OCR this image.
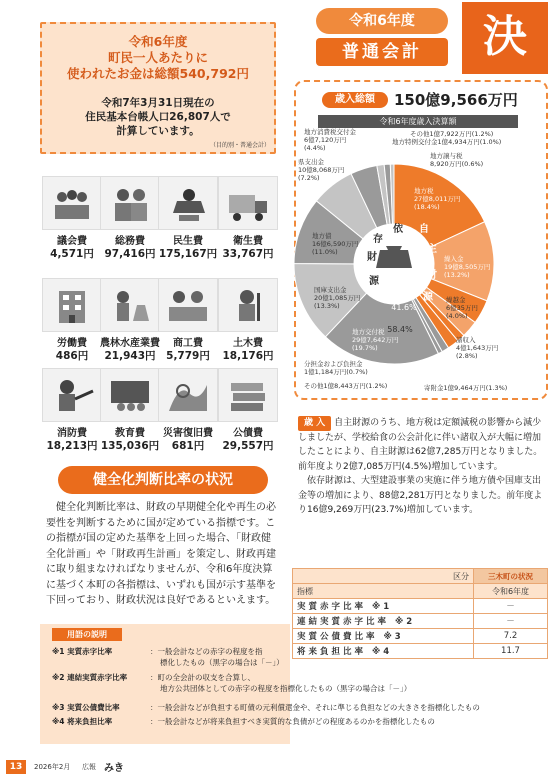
令和6年度
町民一人あたりに
使われたお金は総額540,792円
令和7年3月31日現在の
住民基本台帳人口26,807人で
計算しています。
（目的別・普通会計）
議会費
4,571円
総務費
97,416円
民生費
175,167円
衛生費
33,767円
労働費
486円
農林水産業費
21,943円
商工費
5,779円
土木費
18,176円
消防費
18,213円
教育費
135,036円
災害復旧費
681円
公債費
29,557円
令和6年度
普通会計	決
歳入総額	150億9,566万円
令和6年度歳入決算額
自
主
財
源
依
存
財
源
41.6%
58.4%
地方税
27億8,011万円
(18.4%)
繰入金
19億8,505万円
(13.2%)
繰越金
6億35万円
(4.0%)
諸収入
4億1,643万円
(2.8%)
寄附金1億9,464万円(1.3%)
その他1億8,443万円(1.2%)
分担金および負担金
1億1,184万円(0.7%)
地方交付税
29億7,642万円
(19.7%)
国庫支出金
20億1,085万円
(13.3%)
地方債
16億6,590万円
(11.0%)
県支出金
10億8,068万円
(7.2%)
地方消費税交付金
6億7,120万円
(4.4%)
その他1億7,922万円(1.2%)
地方特例交付金1億4,934万円(1.0%)
地方譲与税
8,920万円(0.6%)

歳 入 自主財源のうち、地方税は定額減税の影響から減少しましたが、学校給食の公会計化に伴い諸収入が大幅に増加したことにより、自主財源は62億7,285万円となりました。前年度より2億7,085万円(4.5%)増加しています。

依存財源は、大型建設事業の実施に伴う地方債や国庫支出金等の増加により、88億2,281万円となりました。前年度より16億9,269万円(23.7%)増加しています。

健全化判断比率の状況
健全化判断比率は、財政の早期健全化や再生の必要性を判断するために国が定めている指標です。この指標が国の定めた基準を上回った場合、「財政健全化計画」や「財政再生計画」を策定し、財政再建に取り組まなければなりませんが、令和6年度決算に基づく本町の各指標は、いずれも国が示す基準を下回っており、財政状況は良好であるといえます。
用語の説明
※1 実質赤字比率	：一般会計などの赤字の程度を指
標化したもの（黒字の場合は「－」）
※2 連結実質赤字比率	：町の全会計の収支を合算し、
地方公共団体としての赤字の程度を指標化したもの（黒字の場合は「－」）
※3 実質公債費比率	：一般会計などが負担する町債の元利償還金や、それに準じる負担などの大きさを指標化したもの
※4 将来負担比率	：一般会計などが将来負担すべき実質的な負債がどの程度あるのかを指標化したもの
区分	三木町の状況
指標	令和6年度
実質赤字比率 ※1	－
連結実質赤字比率 ※2	－
実質公債費比率 ※3	7.2
将来負担比率 ※4	11.7
13	2026年2月 広報 みき
